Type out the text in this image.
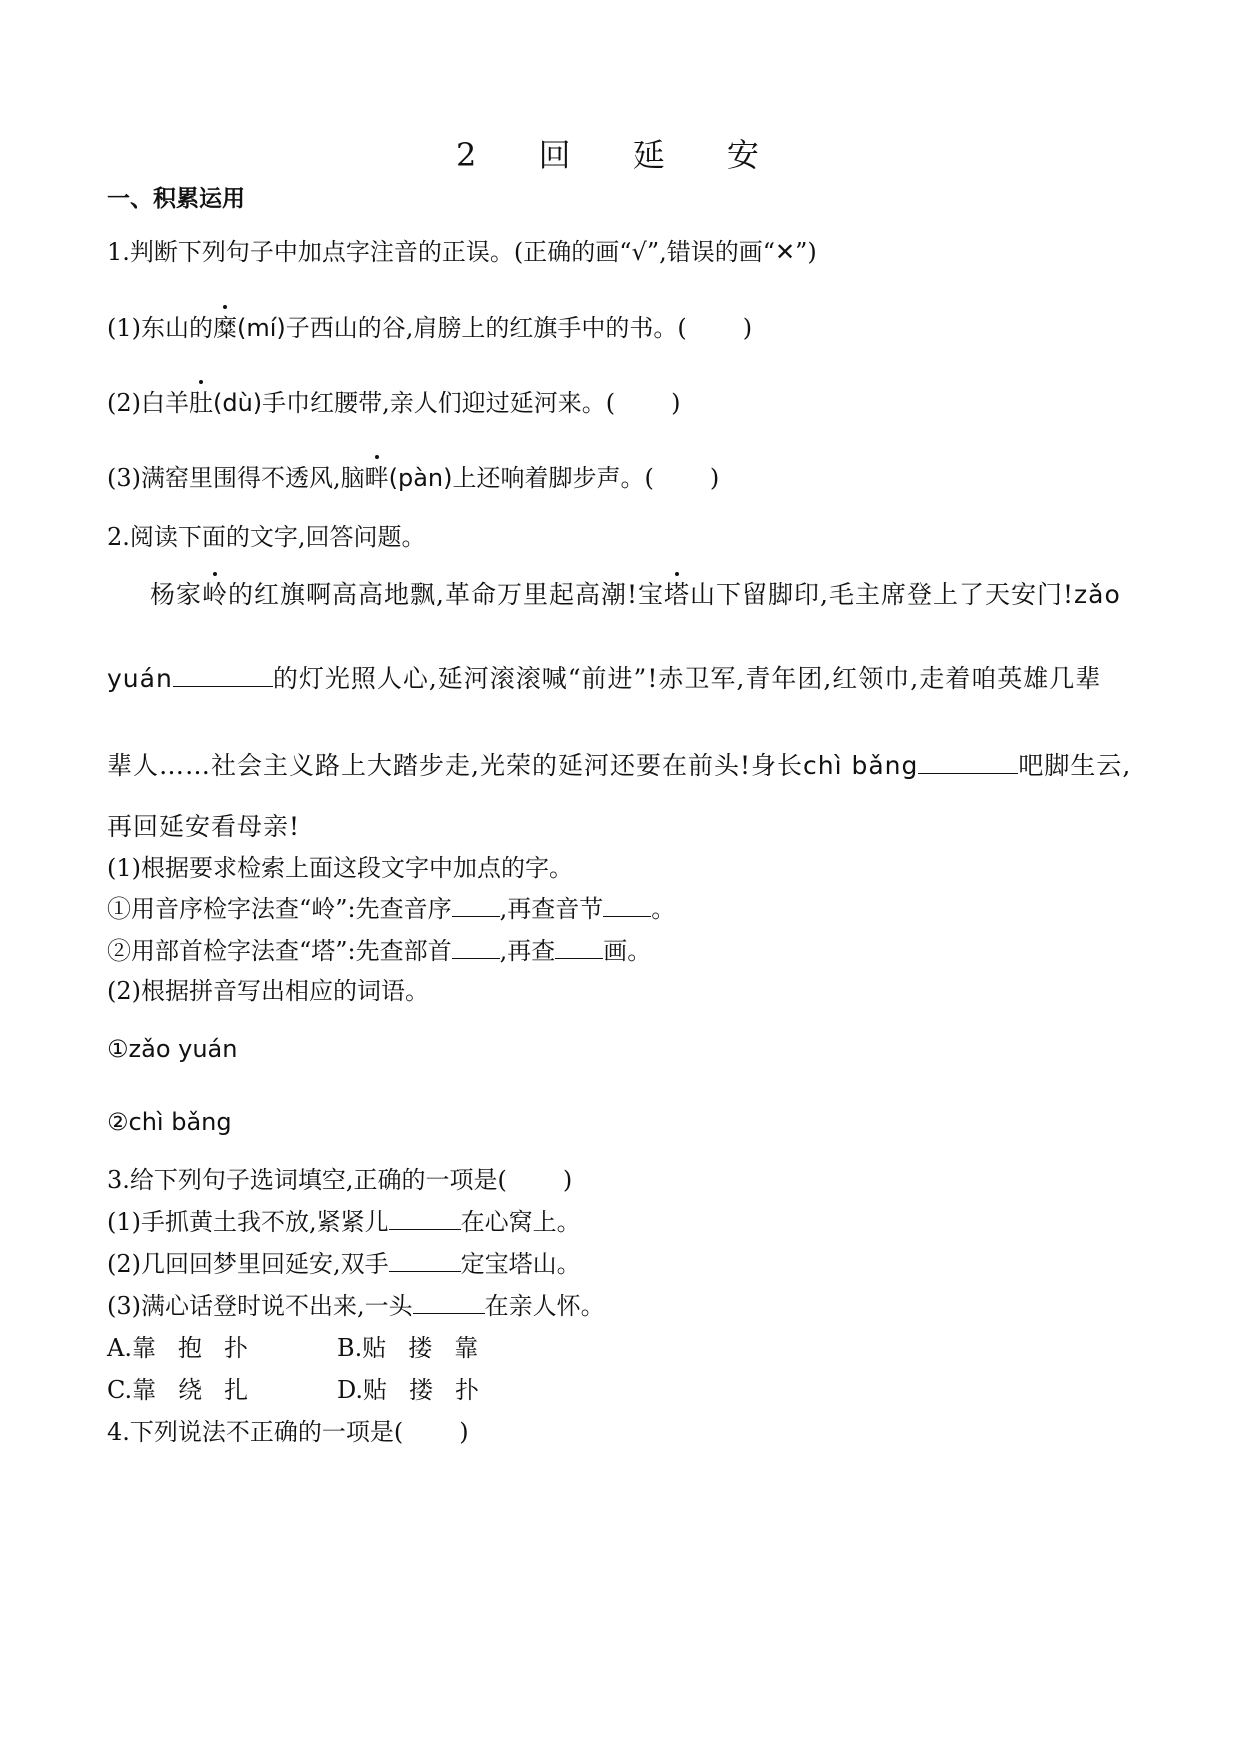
2 回 延 安
一、积累运用
1.判断下列句子中加点字注音的正误。(正确的画“√”,错误的画“✕”)
(1)东山的糜(mí)子西山的谷,肩膀上的红旗手中的书。( )
(2)白羊肚(dù)手巾红腰带,亲人们迎过延河来。( )
(3)满窑里围得不透风,脑畔(pàn)上还响着脚步声。( )
2.阅读下面的文字,回答问题。
杨家岭的红旗啊高高地飘,革命万里起高潮!宝塔山下留脚印,毛主席登上了天安门!zǎo
yuán	的灯光照人心,延河滚滚喊“前进”!赤卫军,青年团,红领巾,走着咱英雄几辈
辈人……社会主义路上大踏步走,光荣的延河还要在前头!身长chì bǎng	吧脚生云,
再回延安看母亲!
(1)根据要求检索上面这段文字中加点的字。
①用音序检字法查“岭”:先查音序 ,再查音节 。
②用部首检字法查“塔”:先查部首 ,再查 画。
(2)根据拼音写出相应的词语。
①zǎo yuán
②chì bǎng
3.给下列句子选词填空,正确的一项是( )
(1)手抓黄土我不放,紧紧儿	在心窝上。
(2)几回回梦里回延安,双手	定宝塔山。
(3)满心话登时说不出来,一头	在亲人怀。
A.靠 抱 扑	B.贴 搂 靠
C.靠 绕 扎	D.贴 搂 扑
4.下列说法不正确的一项是( )
